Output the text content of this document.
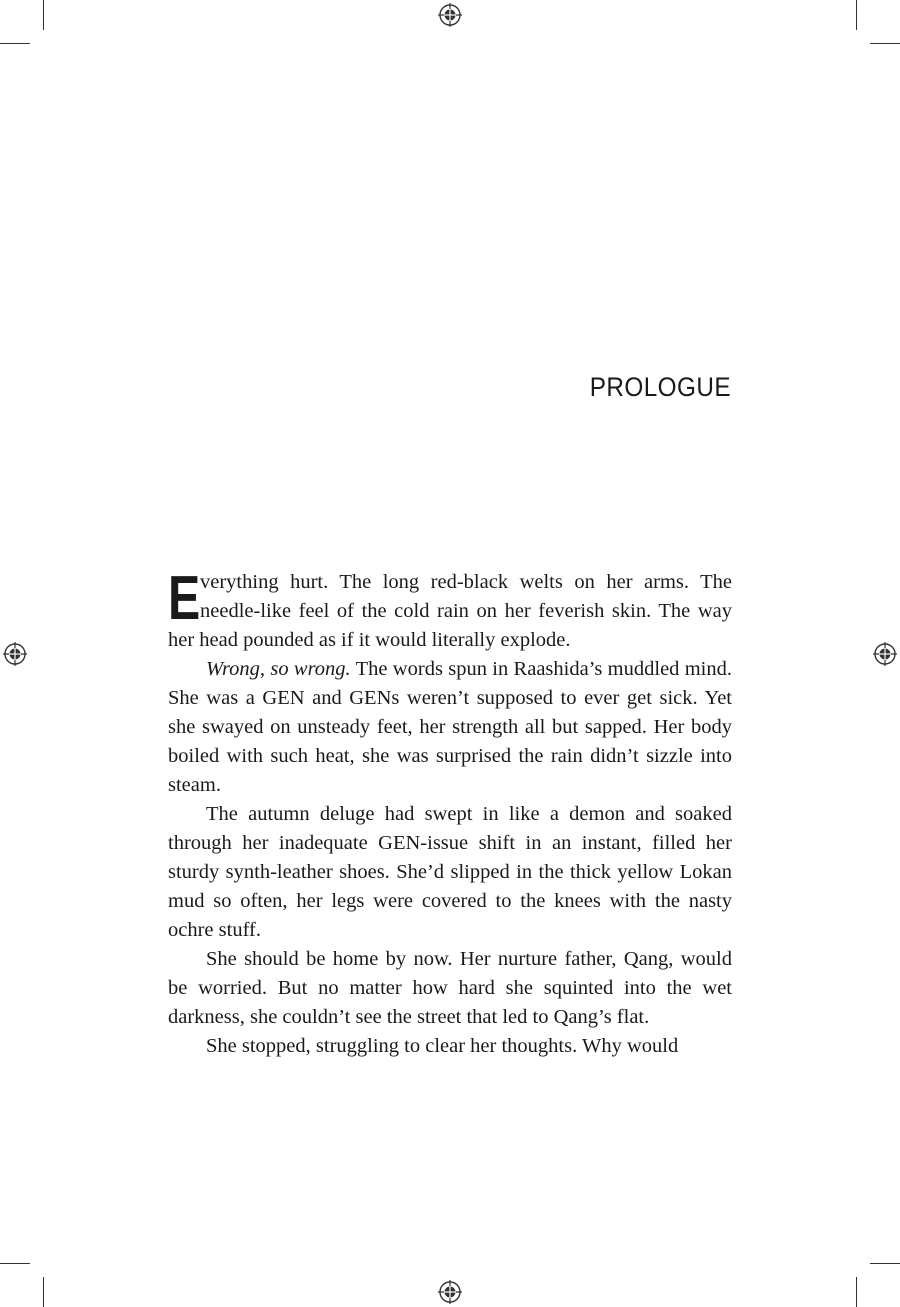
PROLOGUE

Everything hurt. The long red-black welts on her arms. The needle-like feel of the cold rain on her feverish skin. The way her head pounded as if it would literally explode.

Wrong, so wrong. The words spun in Raashida’s muddled mind. She was a GEN and GENs weren’t supposed to ever get sick. Yet she swayed on unsteady feet, her strength all but sapped. Her body boiled with such heat, she was surprised the rain didn’t sizzle into steam.

The autumn deluge had swept in like a demon and soaked through her inadequate GEN-issue shift in an instant, filled her sturdy synth-leather shoes. She’d slipped in the thick yellow Lokan mud so often, her legs were covered to the knees with the nasty ochre stuff.

She should be home by now. Her nurture father, Qang, would be worried. But no matter how hard she squinted into the wet darkness, she couldn’t see the street that led to Qang’s flat.

She stopped, struggling to clear her thoughts. Why would
